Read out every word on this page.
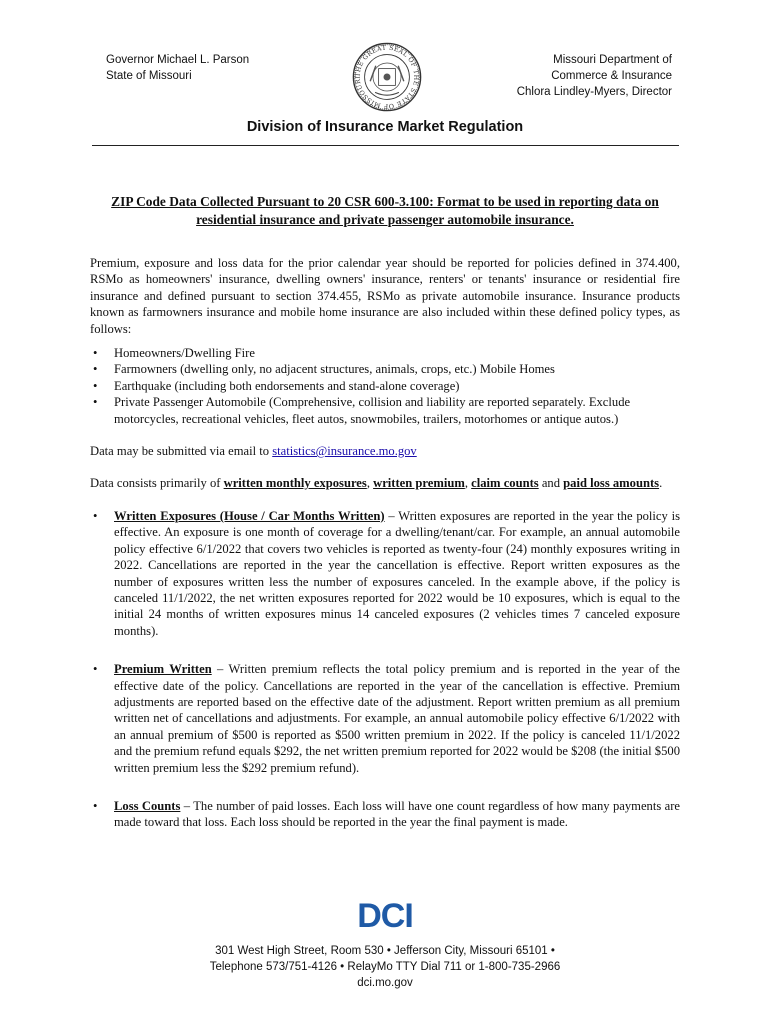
Governor Michael L. Parson
State of Missouri	THE GREAT SEAL OF THE STATE OF MISSOURI
Missouri Department of
Commerce & Insurance
Chlora Lindley-Myers, Director
Division of Insurance Market Regulation
ZIP Code Data Collected Pursuant to 20 CSR 600-3.100: Format to be used in reporting data on residential insurance and private passenger automobile insurance.

Premium, exposure and loss data for the prior calendar year should be reported for policies defined in 374.400, RSMo as homeowners' insurance, dwelling owners' insurance, renters' or tenants' insurance or residential fire insurance and defined pursuant to section 374.455, RSMo as private automobile insurance. Insurance products known as farmowners insurance and mobile home insurance are also included within these defined policy types, as follows:

• Homeowners/Dwelling Fire
• Farmowners (dwelling only, no adjacent structures, animals, crops, etc.) Mobile Homes
• Earthquake (including both endorsements and stand-alone coverage)
• Private Passenger Automobile (Comprehensive, collision and liability are reported separately. Exclude motorcycles, recreational vehicles, fleet autos, snowmobiles, trailers, motorhomes or antique autos.)

Data may be submitted via email to statistics@insurance.mo.gov

Data consists primarily of written monthly exposures, written premium, claim counts and paid loss amounts.

• Written Exposures (House / Car Months Written) – Written exposures are reported in the year the policy is effective. An exposure is one month of coverage for a dwelling/tenant/car. For example, an annual automobile policy effective 6/1/2022 that covers two vehicles is reported as twenty-four (24) monthly exposures writing in 2022. Cancellations are reported in the year the cancellation is effective. Report written exposures as the number of exposures written less the number of exposures canceled. In the example above, if the policy is canceled 11/1/2022, the net written exposures reported for 2022 would be 10 exposures, which is equal to the initial 24 months of written exposures minus 14 canceled exposures (2 vehicles times 7 canceled exposure months).
• Premium Written – Written premium reflects the total policy premium and is reported in the year of the effective date of the policy. Cancellations are reported in the year of the cancellation is effective. Premium adjustments are reported based on the effective date of the adjustment. Report written premium as all premium written net of cancellations and adjustments. For example, an annual automobile policy effective 6/1/2022 with an annual premium of $500 is reported as $500 written premium in 2022. If the policy is canceled 11/1/2022 and the premium refund equals $292, the net written premium reported for 2022 would be $208 (the initial $500 written premium less the $292 premium refund).
• Loss Counts – The number of paid losses. Each loss will have one count regardless of how many payments are made toward that loss. Each loss should be reported in the year the final payment is made.
DCI
301 West High Street, Room 530 • Jefferson City, Missouri 65101 •
Telephone 573/751-4126 • RelayMo TTY Dial 711 or 1-800-735-2966
dci.mo.gov
